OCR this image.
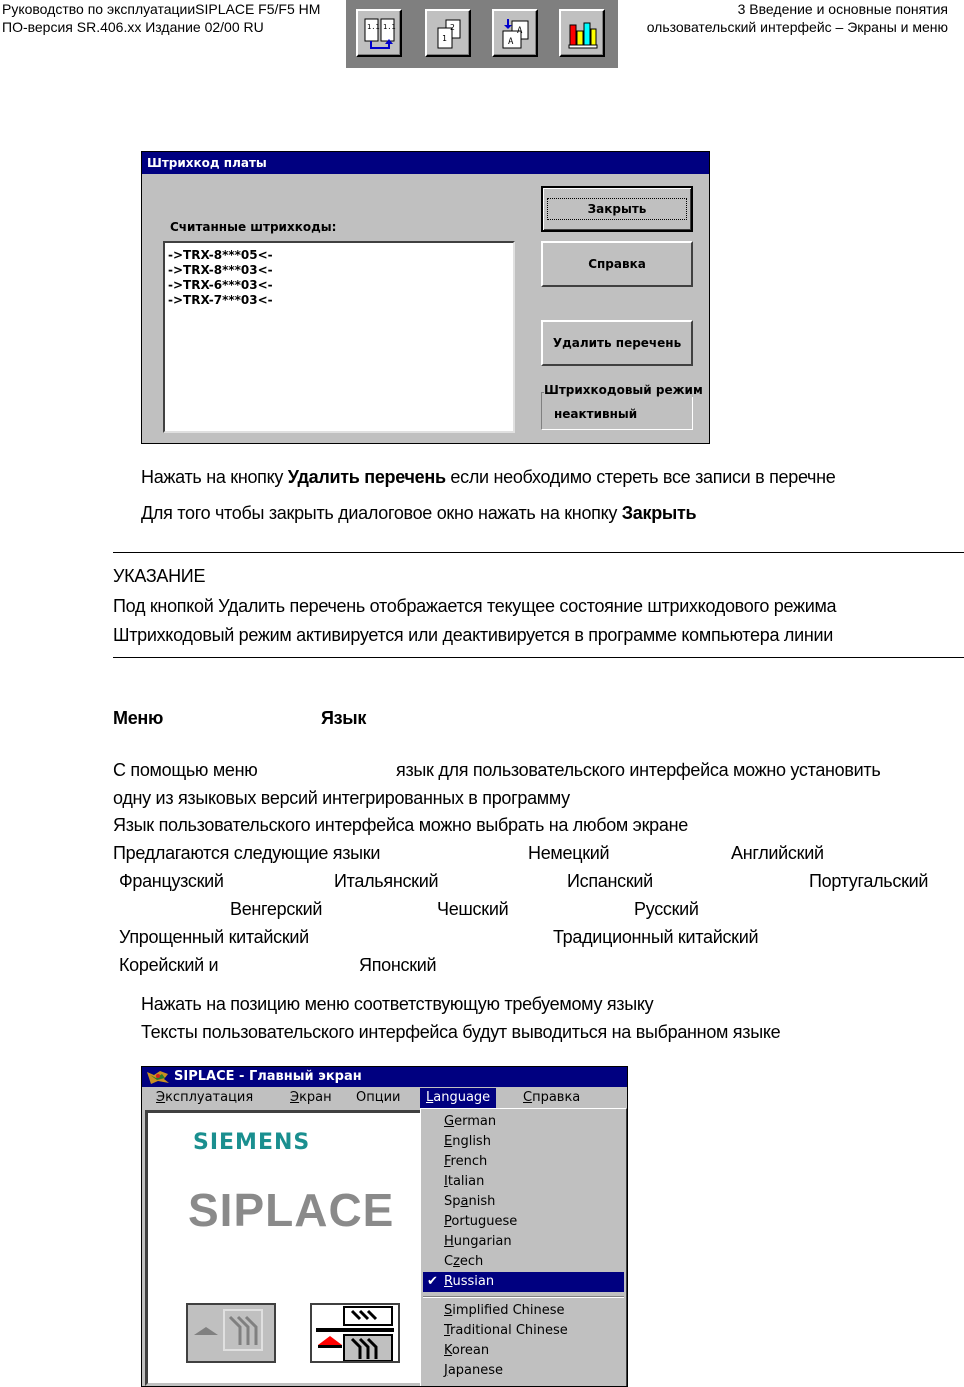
Руководство по эксплуатацииSIPLACE F5/F5 HM
ПО-версия SR.406.xx Издание 02/00 RU
3 Введение и основные понятия
ользовательский интерфейс – Экраны и меню
1.1 1.1	2
1
A
A
Штрихкод платы
Считанные штрихкоды:
->TRX-8***05<-
->TRX-8***03<-
->TRX-6***03<-
->TRX-7***03<-
Закрыть
Справка
Удалить перечень
Штрихкодовый режим
неактивный
Нажать на кнопку Удалить перечень если необходимо стереть все записи в перечне
Для того чтобы закрыть диалоговое окно нажать на кнопку Закрыть
УКАЗАНИЕ
Под кнопкой Удалить перечень отображается текущее состояние штрихкодового режима
Штрихкодовый режим активируется или деактивируется в программе компьютера линии
Меню	Язык
С помощью меню	язык для пользовательского интерфейса можно установить
одну из языковых версий интегрированных в программу
Язык пользовательского интерфейса можно выбрать на любом экране
Предлагаются следующие языки	Немецкий	Английский
Французский	Итальянский	Испанский	Португальский
Венгерский	Чешский	Русский
Упрощенный китайский	Традиционный китайский
Корейский и	Японский
Нажать на позицию меню соответствующую требуемому языку
Тексты пользовательского интерфейса будут выводиться на выбранном языке
SIPLACE - Главный экран
Эксплуатация	Экран	Опции	Language	Справка
SIEMENS
SIPLACE
German
English
French
Italian
Spanish
Portuguese
Hungarian
Czech
✔ Russian
Simplified Chinese
Traditional Chinese
Korean
Japanese
